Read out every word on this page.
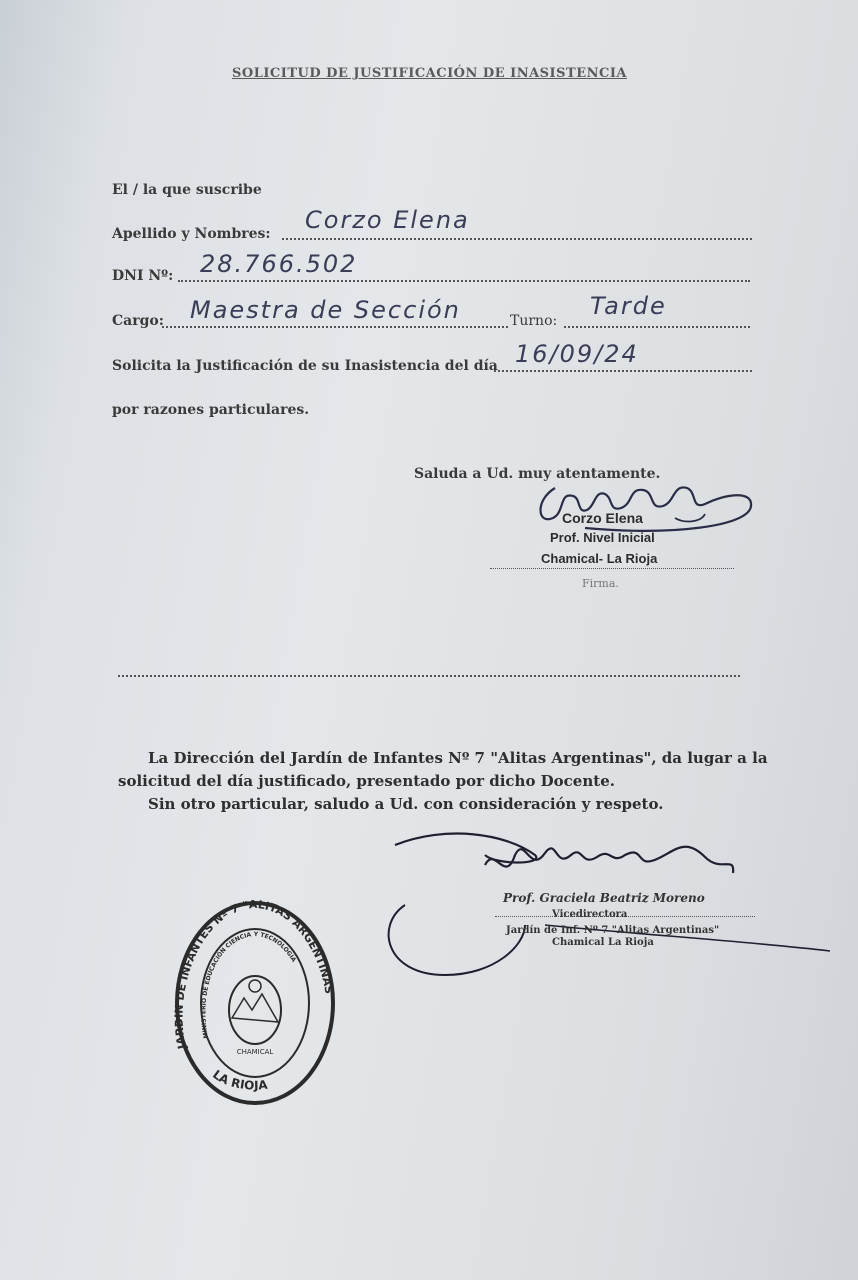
SOLICITUD DE JUSTIFICACIÓN DE INASISTENCIA
El / la que suscribe
Apellido y Nombres: Corzo Elena
DNI Nº: 28.766.502
Cargo: Maestra de Sección	Turno:
Tarde
Solicita la Justificación de su Inasistencia del día 16/09/24
por razones particulares.
Saluda a Ud. muy atentamente.
Corzo Elena
Prof. Nivel Inicial
Chamical- La Rioja
Firma.
La Dirección del Jardín de Infantes Nº 7 "Alitas Argentinas", da lugar a la
solicitud del día justificado, presentado por dicho Docente.
Sin otro particular, saludo a Ud. con consideración y respeto.
Prof. Graciela Beatriz Moreno
Vicedirectora
Jardín de Inf. Nº 7 "Alitas Argentinas"
Chamical La Rioja
JARDIN DE INFANTES Nº 7 "ALITAS ARGENTINAS"
MINISTERIO DE EDUCACIÓN CIENCIA Y TECNOLOGIA
CHAMICAL
LA RIOJA
